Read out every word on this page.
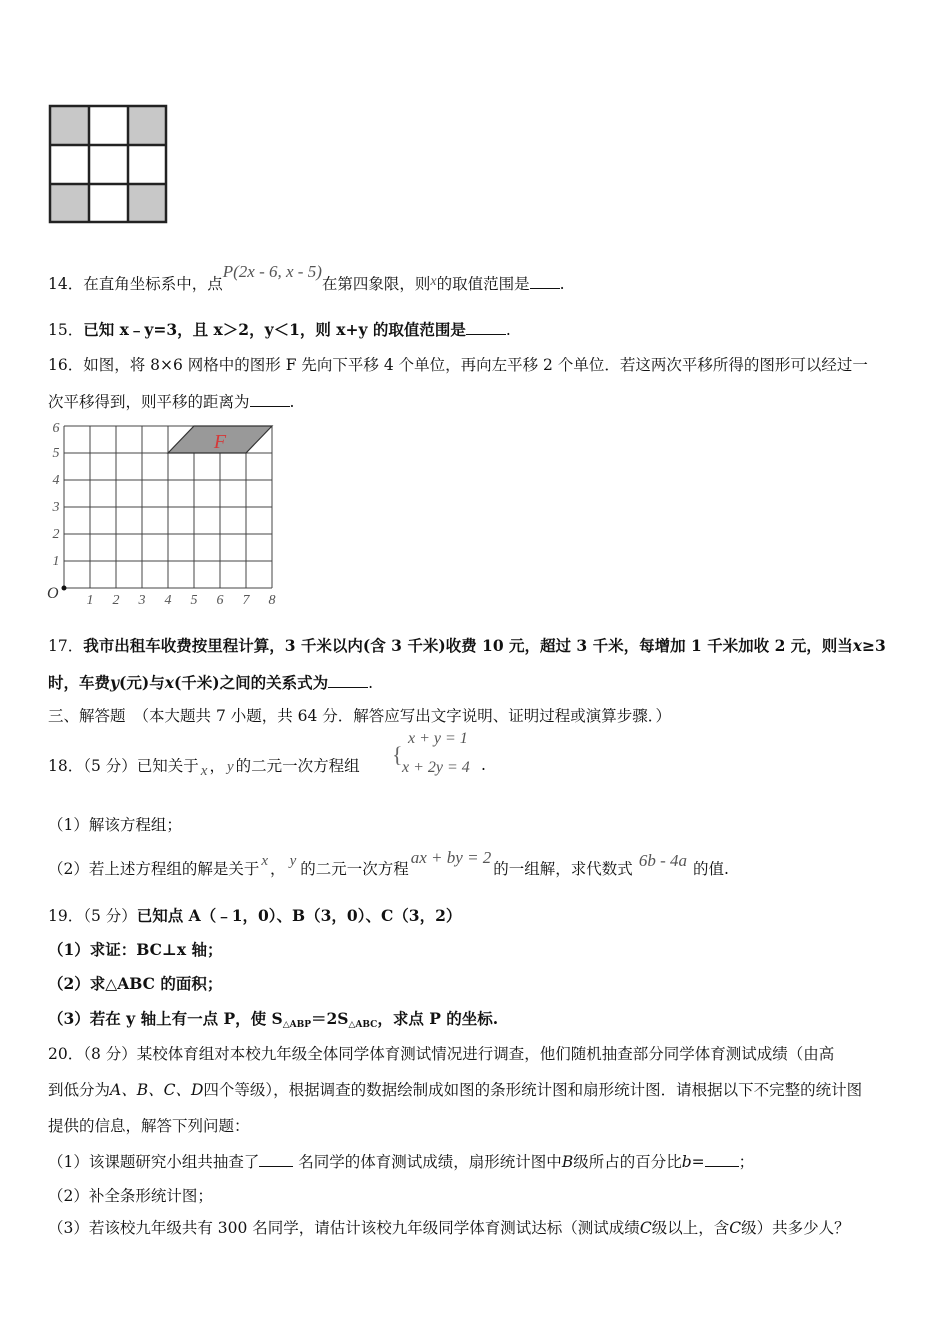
14．在直角坐标系中，点P(2x - 6, x - 5)在第四象限，则x的取值范围是 .
15．已知 x﹣y=3，且 x＞2，y＜1，则 x+y 的取值范围是	.
16．如图，将 8×6 网格中的图形 F 先向下平移 4 个单位，再向左平移 2 个单位．若这两次平移所得的图形可以经过一
次平移得到，则平移的距离为	.
F
O 1 2 3 4 5 6 7 8
1
2
3
4
5
6
17．我市出租车收费按里程计算，3 千米以内(含 3 千米)收费 10 元，超过 3 千米，每增加 1 千米加收 2 元，则当x≥3
时，车费y(元)与x(千米)之间的关系式为	.
三、解答题 （本大题共 7 小题，共 64 分．解答应写出文字说明、证明过程或演算步骤．）
18．（5 分）已知关于 x ， y 的二元一次方程组 {
x + y = 1
x + 2y = 4 .
（1）解该方程组；
（2）若上述方程组的解是关于 x ， y 的二元一次方程ax + by = 2的一组解，求代数式 6b - 4a 的值.
19．（5 分）已知点 A（﹣1，0）、B（3，0）、C（3，2）
（1）求证：BC⊥x 轴；
（2）求△ABC 的面积；
（3）若在 y 轴上有一点 P，使 $S_{\triangle ABP}=2S_{\triangle ABC}$，求点 P 的坐标.
20．（8 分）某校体育组对本校九年级全体同学体育测试情况进行调查，他们随机抽查部分同学体育测试成绩（由高
到低分为A、B、C、D四个等级），根据调查的数据绘制成如图的条形统计图和扇形统计图．请根据以下不完整的统计图
提供的信息，解答下列问题：
（1）该课题研究小组共抽查了 名同学的体育测试成绩，扇形统计图中B级所占的百分比b= ；
（2）补全条形统计图；
（3）若该校九年级共有 300 名同学，请估计该校九年级同学体育测试达标（测试成绩C级以上，含C级）共多少人？
